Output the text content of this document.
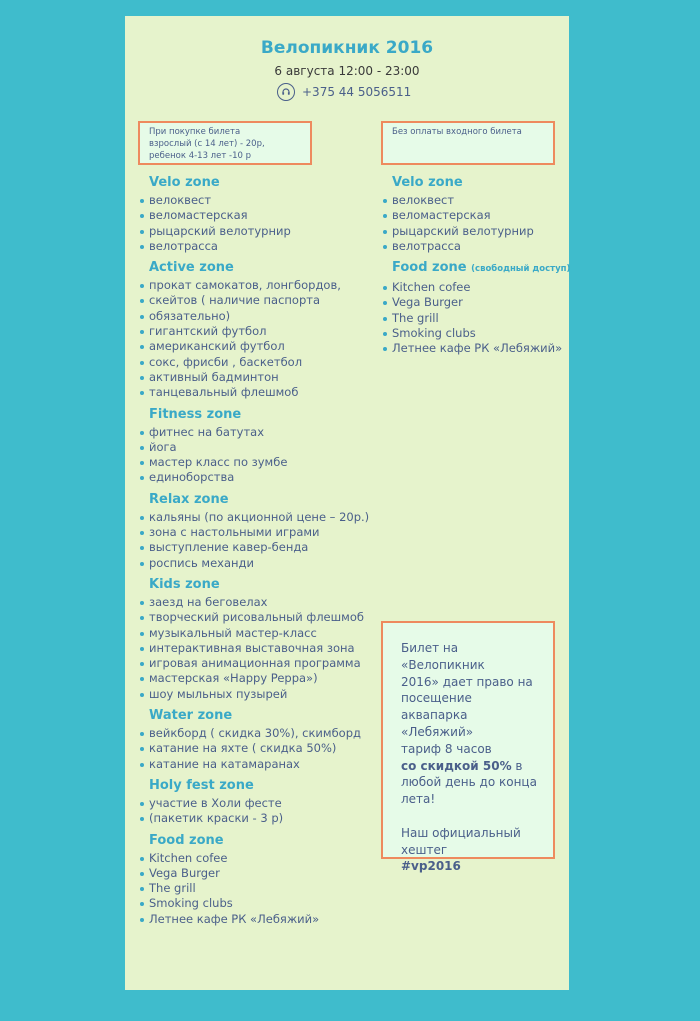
Велопикник 2016
6 августа 12:00 - 23:00
+375 44 5056511
При покупке билета
взрослый (с 14 лет) - 20р,
ребенок 4-13 лет -10 р
Без оплаты входного билета
Velo zone
велоквест
веломастерская
рыцарский велотурнир
велотрасса
Active zone
прокат самокатов, лонгбордов,
скейтов ( наличие паспорта
обязательно)
гигантский футбол
американский футбол
сокс, фрисби , баскетбол
активный бадминтон
танцевальный флешмоб
Fitness zone
фитнес на батутах
йога
мастер класс по зумбе
единоборства
Relax zone
кальяны (по акционной цене – 20р.)
зона с настольными играми
выступление кавер-бенда
роспись механди
Kids zone
заезд на беговелах
творческий рисовальный флешмоб
музыкальный мастер-класс
интерактивная выставочная зона
игровая анимационная программа
мастерская «Happy Peppa»)
шоу мыльных пузырей
Water zone
вейкборд ( скидка 30%), скимборд
катание на яхте ( скидка 50%)
катание на катамаранах
Holy fest zone
участие в Холи фесте
(пакетик краски - 3 р)
Food zone
Kitchen cofee
Vega Burger
The grill
Smoking clubs
Летнее кафе РК «Лебяжий»
Velo zone
велоквест
веломастерская
рыцарский велотурнир
велотрасса
Food zone (свободный доступ)
Kitchen cofee
Vega Burger
The grill
Smoking clubs
Летнее кафе РК «Лебяжий»

Билет на «Велопикник

2016» дает право на

посещение аквапарка

«Лебяжий»

тариф 8 часов

со скидкой 50% в

любой день до конца

лета!

Наш официальный

хештег

#vp2016
